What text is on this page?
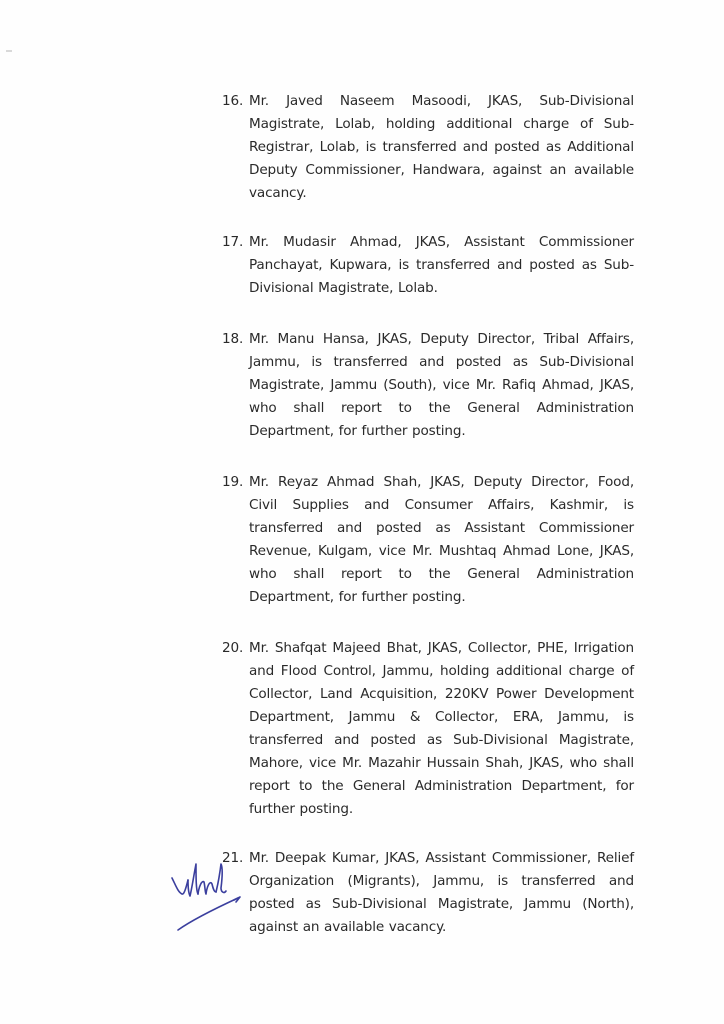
16. Mr. Javed Naseem Masoodi, JKAS, Sub-Divisional Magistrate, Lolab, holding additional charge of Sub-Registrar, Lolab, is transferred and posted as Additional Deputy Commissioner, Handwara, against an available vacancy.
17. Mr. Mudasir Ahmad, JKAS, Assistant Commissioner Panchayat, Kupwara, is transferred and posted as Sub-Divisional Magistrate, Lolab.
18. Mr. Manu Hansa, JKAS, Deputy Director, Tribal Affairs, Jammu, is transferred and posted as Sub-Divisional Magistrate, Jammu (South), vice Mr. Rafiq Ahmad, JKAS, who shall report to the General Administration Department, for further posting.
19. Mr. Reyaz Ahmad Shah, JKAS, Deputy Director, Food, Civil Supplies and Consumer Affairs, Kashmir, is transferred and posted as Assistant Commissioner Revenue, Kulgam, vice Mr. Mushtaq Ahmad Lone, JKAS, who shall report to the General Administration Department, for further posting.
20. Mr. Shafqat Majeed Bhat, JKAS, Collector, PHE, Irrigation and Flood Control, Jammu, holding additional charge of Collector, Land Acquisition, 220KV Power Development Department, Jammu & Collector, ERA, Jammu, is transferred and posted as Sub-Divisional Magistrate, Mahore, vice Mr. Mazahir Hussain Shah, JKAS, who shall report to the General Administration Department, for further posting.
21. Mr. Deepak Kumar, JKAS, Assistant Commissioner, Relief Organization (Migrants), Jammu, is transferred and posted as Sub-Divisional Magistrate, Jammu (North), against an available vacancy.
